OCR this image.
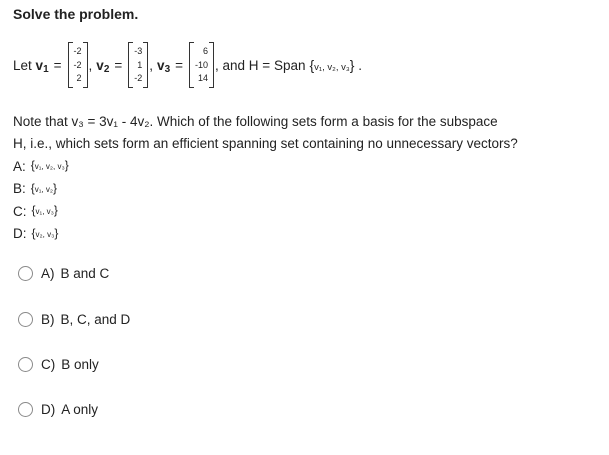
Solve the problem.
Let
v 1 =
-2
-2
2
, v 2 =
-3
1
-2
, v 3 =
6
-10
14
, and H = Span {v₁, v₂, v₃}
.
Note that v₃ = 3v₁ - 4v₂. Which of the following sets form a basis for the subspace
H, i.e., which sets form an efficient spanning set containing no unnecessary vectors?
A: {v₁, v₂, v₃}
B: {v₁, v₂}
C: {v₁, v₃}
D: {v₂, v₃}
A) B and C
B) B, C, and D
C) B only
D) A only
